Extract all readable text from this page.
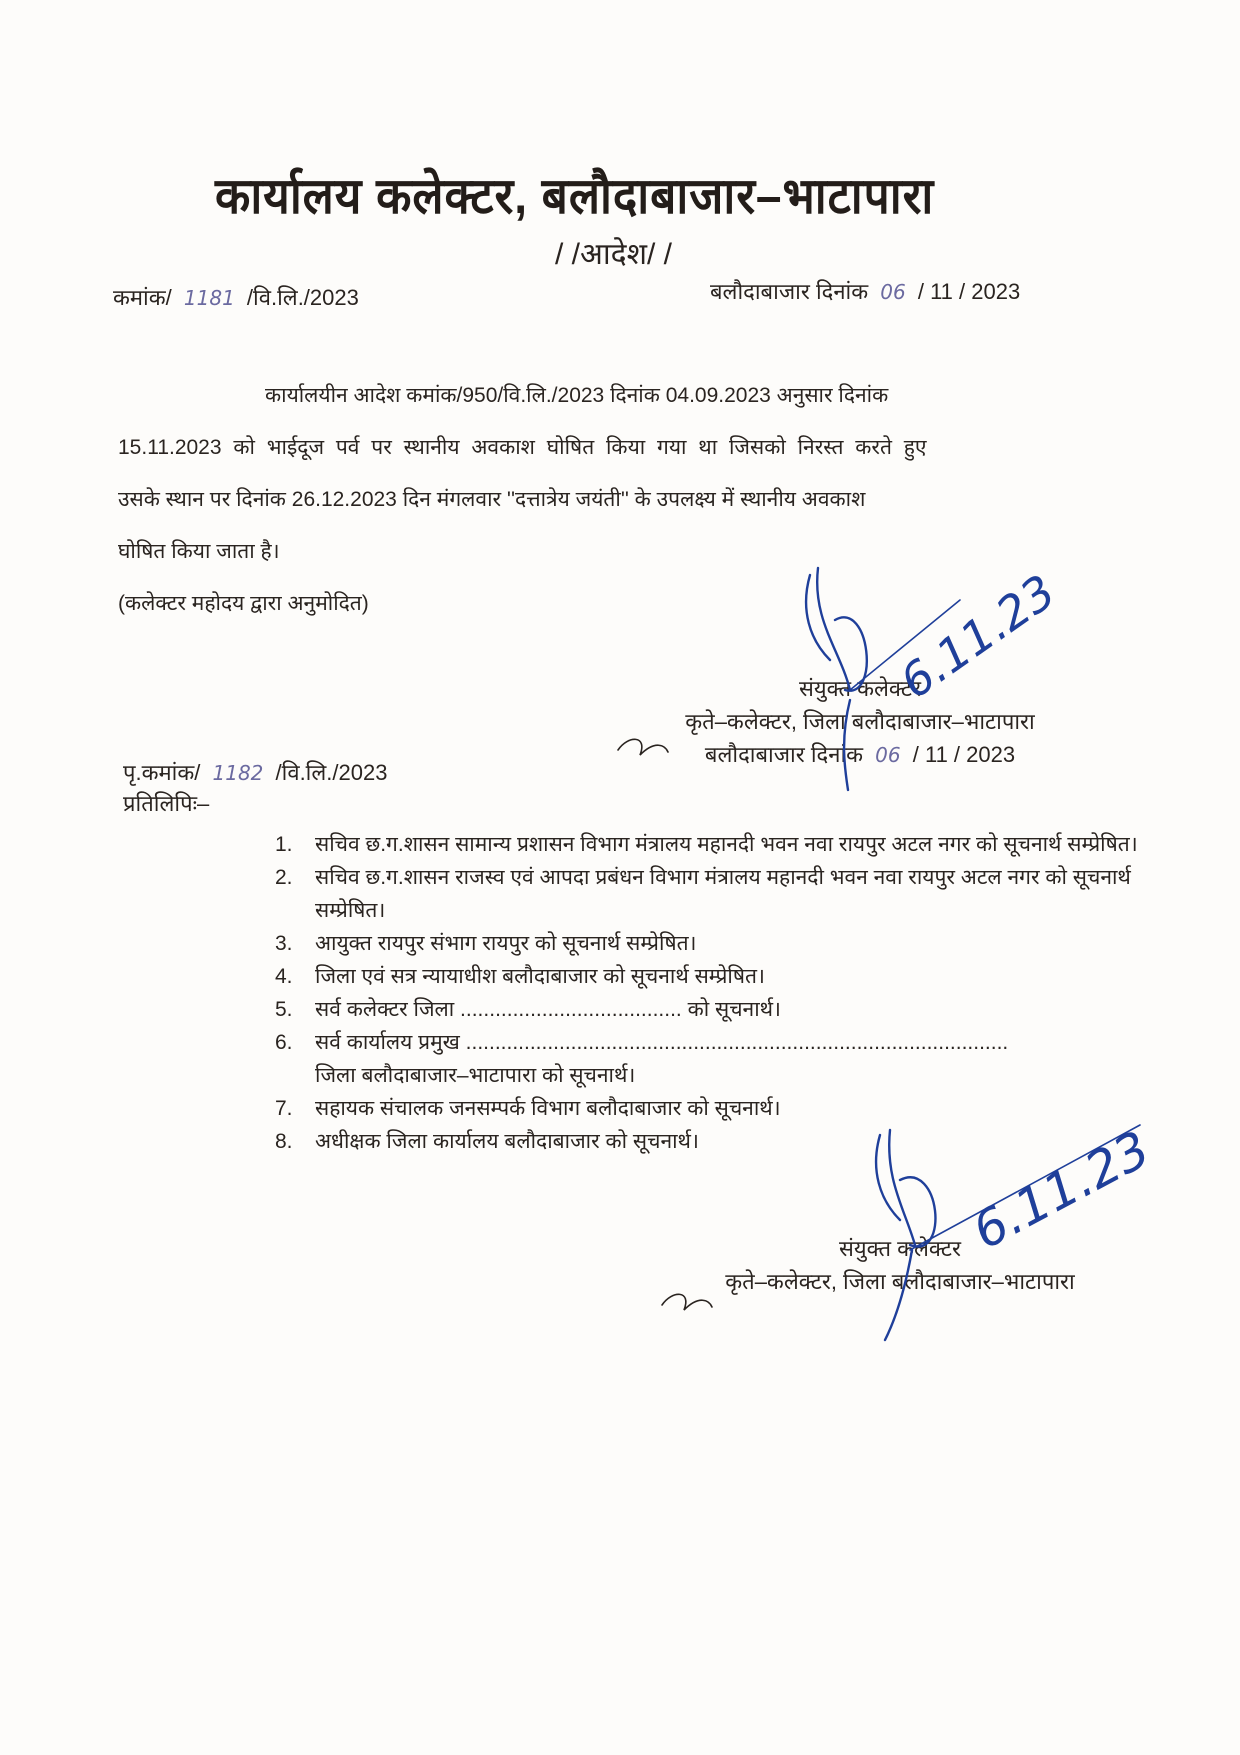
कार्यालय कलेक्टर, बलौदाबाजार–भाटापारा
/ /आदेश/ /
कमांक/ 1181 /वि.लि./2023	बलौदाबाजार दिनांक 06 / 11 / 2023
कार्यालयीन आदेश कमांक/950/वि.लि./2023 दिनांक 04.09.2023 अनुसार दिनांक
15.11.2023 को भाईदूज पर्व पर स्थानीय अवकाश घोषित किया गया था जिसको निरस्त करते हुए
उसके स्थान पर दिनांक 26.12.2023 दिन मंगलवार ''दत्तात्रेय जयंती'' के उपलक्ष्य में स्थानीय अवकाश
घोषित किया जाता है।
(कलेक्टर महोदय द्वारा अनुमोदित)
संयुक्त कलेक्टर
कृते–कलेक्टर, जिला बलौदाबाजार–भाटापारा
बलौदाबाजार दिनांक 06 / 11 / 2023
पृ.कमांक/ 1182 /वि.लि./2023
प्रतिलिपिः–
1.	सचिव छ.ग.शासन सामान्य प्रशासन विभाग मंत्रालय महानदी भवन नवा रायपुर अटल नगर को सूचनार्थ सम्प्रेषित।
2.	सचिव छ.ग.शासन राजस्व एवं आपदा प्रबंधन विभाग मंत्रालय महानदी भवन नवा रायपुर अटल नगर को सूचनार्थ सम्प्रेषित।
3.	आयुक्त रायपुर संभाग रायपुर को सूचनार्थ सम्प्रेषित।
4.	जिला एवं सत्र न्यायाधीश बलौदाबाजार को सूचनार्थ सम्प्रेषित।
5.	सर्व कलेक्टर जिला ...................................... को सूचनार्थ।
6.	सर्व कार्यालय प्रमुख ............................................................................................. जिला बलौदाबाजार–भाटापारा को सूचनार्थ।
7.	सहायक संचालक जनसम्पर्क विभाग बलौदाबाजार को सूचनार्थ।
8.	अधीक्षक जिला कार्यालय बलौदाबाजार को सूचनार्थ।
संयुक्त कलेक्टर
कृते–कलेक्टर, जिला बलौदाबाजार–भाटापारा
6.11.23
6.11.23
